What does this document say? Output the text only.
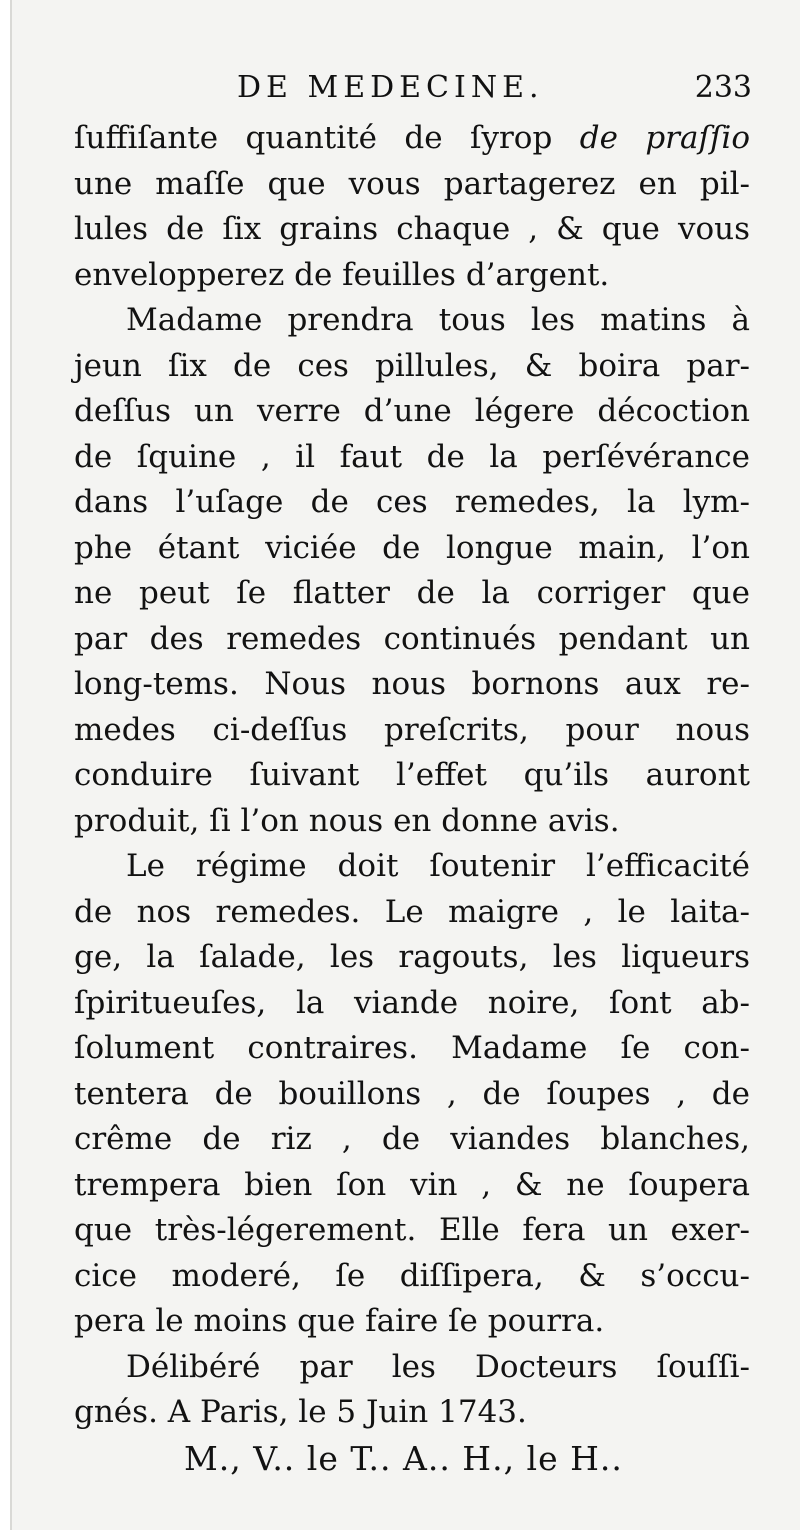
DE MEDECINE.	233
ſuffiſante quantité de ſyrop de praſſio
une maſſe que vous partagerez en pil-
lules de ſix grains chaque , & que vous
envelopperez de feuilles d’argent.
Madame prendra tous les matins à
jeun ſix de ces pillules, & boira par-
deſſus un verre d’une légere décoction
de ſquine , il faut de la perſévérance
dans l’uſage de ces remedes, la lym-
phe étant viciée de longue main, l’on
ne peut ſe flatter de la corriger que
par des remedes continués pendant un
long-tems. Nous nous bornons aux re-
medes ci-deſſus preſcrits, pour nous
conduire ſuivant l’effet qu’ils auront
produit, ſi l’on nous en donne avis.
Le régime doit ſoutenir l’efficacité
de nos remedes. Le maigre , le laita-
ge, la ſalade, les ragouts, les liqueurs
ſpiritueuſes, la viande noire, ſont ab-
ſolument contraires. Madame ſe con-
tentera de bouillons , de ſoupes , de
crême de riz , de viandes blanches,
trempera bien ſon vin , & ne ſoupera
que très-légerement. Elle fera un exer-
cice moderé, ſe diſſipera, & s’occu-
pera le moins que faire ſe pourra.
Délibéré par les Docteurs ſouſſi-
gnés. A Paris, le 5 Juin 1743.
M., V.. le T.. A.. H., le H..
